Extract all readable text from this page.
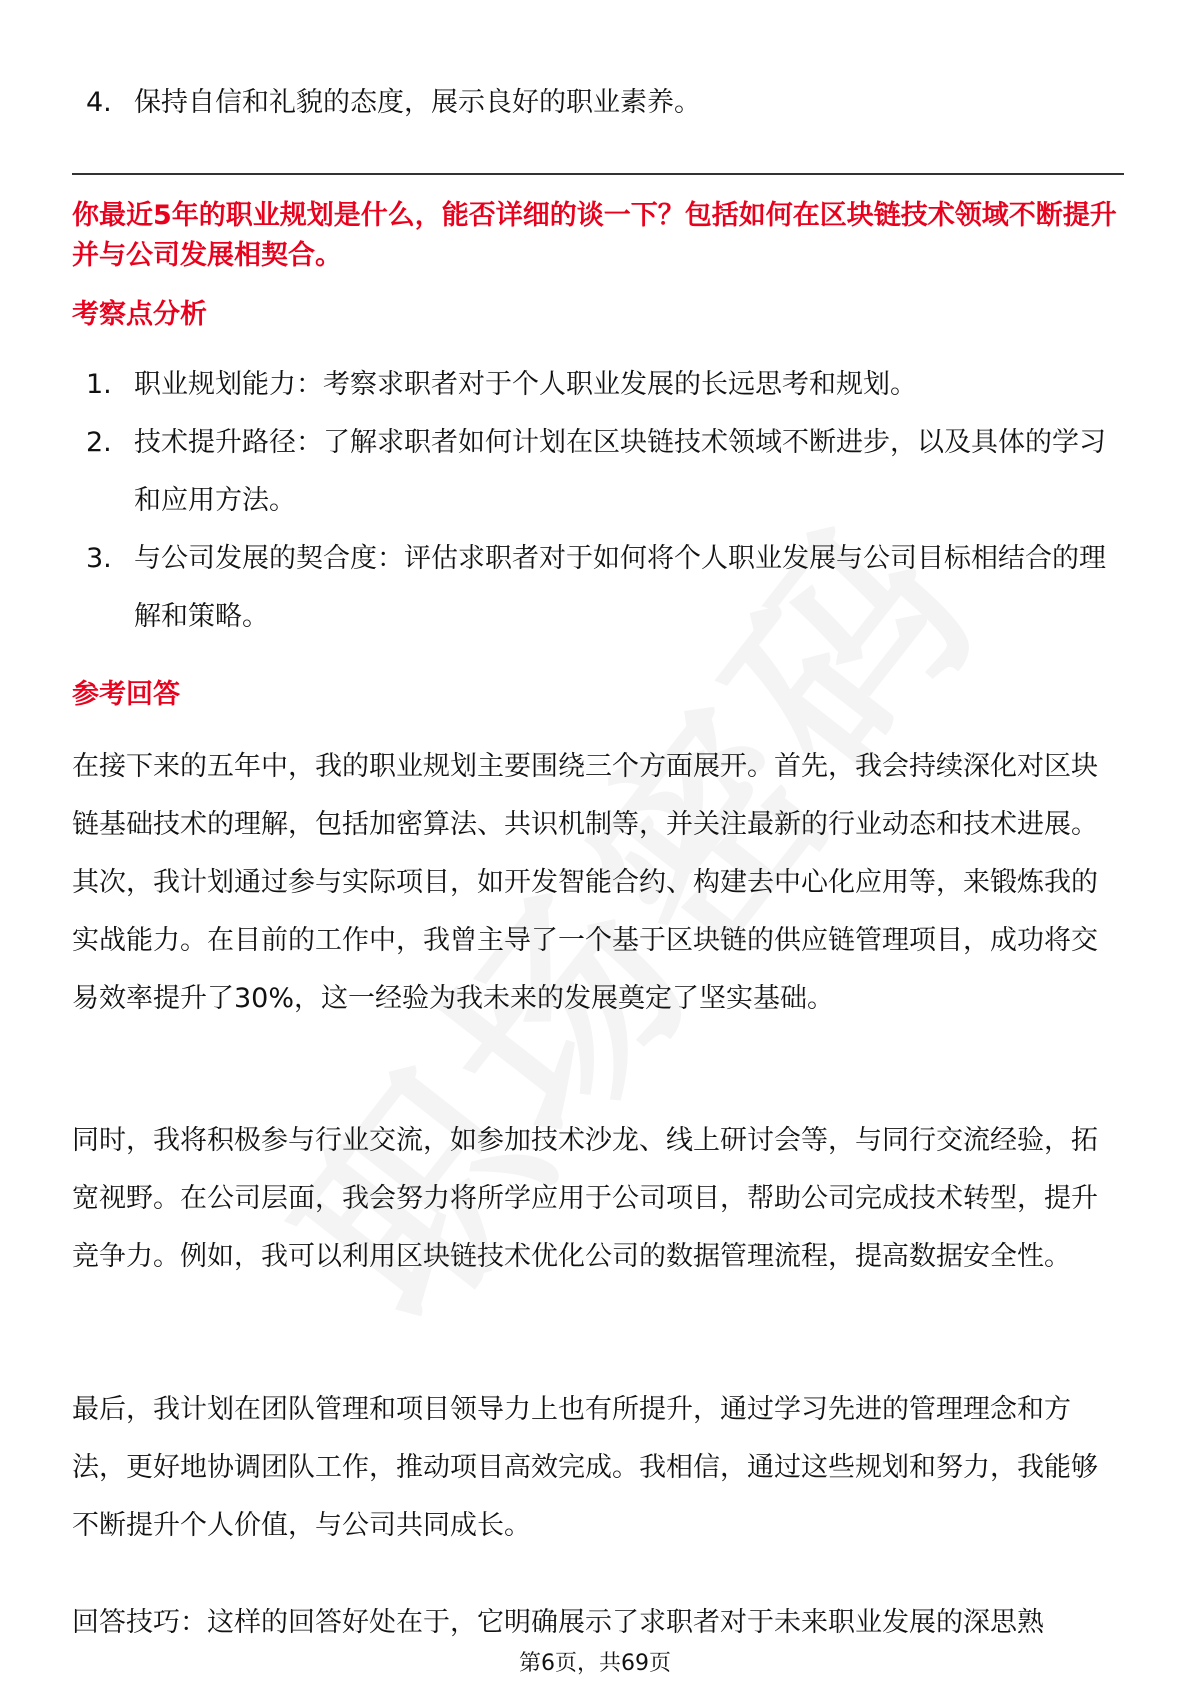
4. 保持自信和礼貌的态度，展示良好的职业素养。
你最近5年的职业规划是什么，能否详细的谈一下？包括如何在区块链技术领域不断提升并与公司发展相契合。
考察点分析
1. 职业规划能力：考察求职者对于个人职业发展的长远思考和规划。
2. 技术提升路径：了解求职者如何计划在区块链技术领域不断进步，以及具体的学习和应用方法。
3. 与公司发展的契合度：评估求职者对于如何将个人职业发展与公司目标相结合的理解和策略。
参考回答
在接下来的五年中，我的职业规划主要围绕三个方面展开。首先，我会持续深化对区块链基础技术的理解，包括加密算法、共识机制等，并关注最新的行业动态和技术进展。其次，我计划通过参与实际项目，如开发智能合约、构建去中心化应用等，来锻炼我的实战能力。在目前的工作中，我曾主导了一个基于区块链的供应链管理项目，成功将交易效率提升了30%，这一经验为我未来的发展奠定了坚实基础。
同时，我将积极参与行业交流，如参加技术沙龙、线上研讨会等，与同行交流经验，拓宽视野。在公司层面，我会努力将所学应用于公司项目，帮助公司完成技术转型，提升竞争力。例如，我可以利用区块链技术优化公司的数据管理流程，提高数据安全性。
最后，我计划在团队管理和项目领导力上也有所提升，通过学习先进的管理理念和方法，更好地协调团队工作，推动项目高效完成。我相信，通过这些规划和努力，我能够不断提升个人价值，与公司共同成长。
回答技巧：这样的回答好处在于，它明确展示了求职者对于未来职业发展的深思熟
第6页，共69页
